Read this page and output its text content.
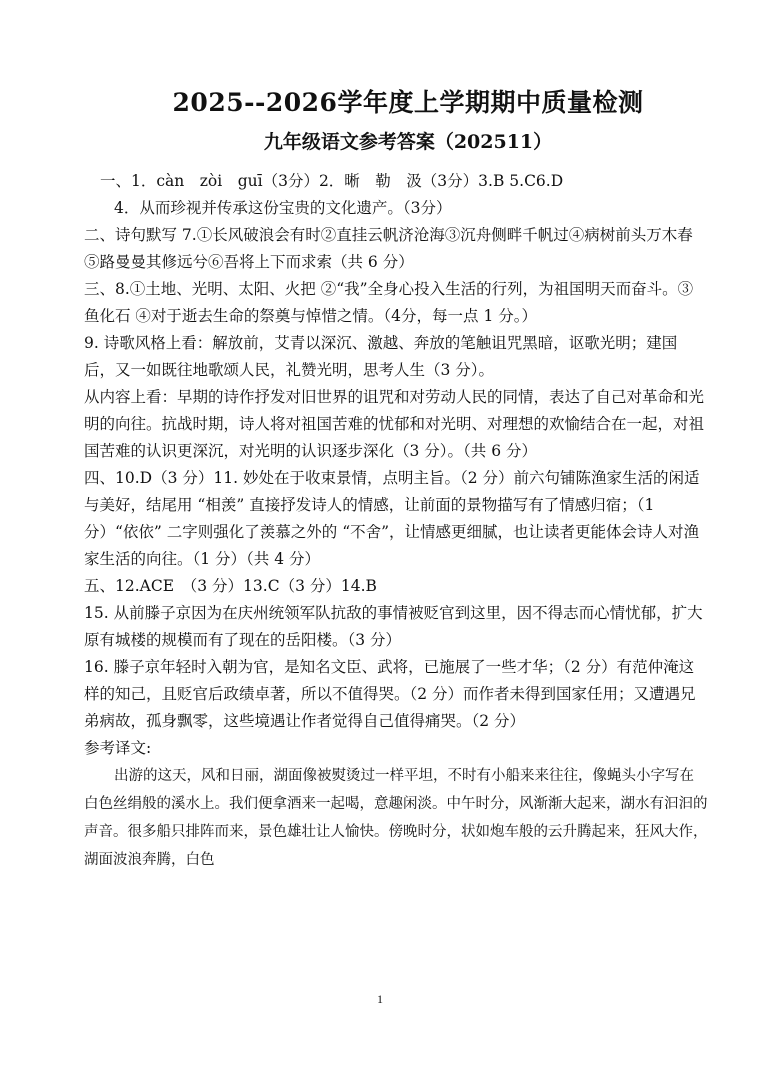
2025--2026学年度上学期期中质量检测
九年级语文参考答案（202511）

一、1．càn　zòi　guī（3分）2．晰　勒　汲（3分）3.B 5.C6.D

4．从而珍视并传承这份宝贵的文化遗产。（3分）

二、诗句默写 7.①长风破浪会有时②直挂云帆济沧海③沉舟侧畔千帆过④病树前头万木春⑤路曼曼其修远兮⑥吾将上下而求索（共 6 分）

三、8.①土地、光明、太阳、火把 ②“我”全身心投入生活的行列，为祖国明天而奋斗。③鱼化石 ④对于逝去生命的祭奠与悼惜之情。（4分，每一点 1 分。）

9. 诗歌风格上看：解放前，艾青以深沉、激越、奔放的笔触诅咒黑暗，讴歌光明；建国后，又一如既往地歌颂人民，礼赞光明，思考人生（3 分）。

从内容上看：早期的诗作抒发对旧世界的诅咒和对劳动人民的同情，表达了自己对革命和光明的向往。抗战时期，诗人将对祖国苦难的忧郁和对光明、对理想的欢愉结合在一起，对祖国苦难的认识更深沉，对光明的认识逐步深化（3 分）。（共 6 分）

四、10.D（3 分）11. 妙处在于收束景情，点明主旨。（2 分）前六句铺陈渔家生活的闲适与美好，结尾用 “相羡” 直接抒发诗人的情感，让前面的景物描写有了情感归宿；（1 分）“依依” 二字则强化了羡慕之外的 “不舍”，让情感更细腻，也让读者更能体会诗人对渔家生活的向往。（1 分）（共 4 分）

五、12.ACE　（3 分）13.C（3 分）14.B

15. 从前滕子京因为在庆州统领军队抗敌的事情被贬官到这里，因不得志而心情忧郁，扩大原有城楼的规模而有了现在的岳阳楼。（3 分）

16. 滕子京年轻时入朝为官，是知名文臣、武将，已施展了一些才华；（2 分）有范仲淹这样的知己，且贬官后政绩卓著，所以不值得哭。（2 分）而作者未得到国家任用；又遭遇兄弟病故，孤身飘零，这些境遇让作者觉得自己值得痛哭。（2 分）

参考译文:

出游的这天，风和日丽，湖面像被熨烫过一样平坦，不时有小船来来往往，像蝇头小字写在白色丝绢般的溪水上。我们便拿酒来一起喝，意趣闲淡。中午时分，风渐渐大起来，湖水有汩汩的声音。很多船只排阵而来，景色雄壮让人愉快。傍晚时分，状如炮车般的云升腾起来，狂风大作，湖面波浪奔腾，白色

1
